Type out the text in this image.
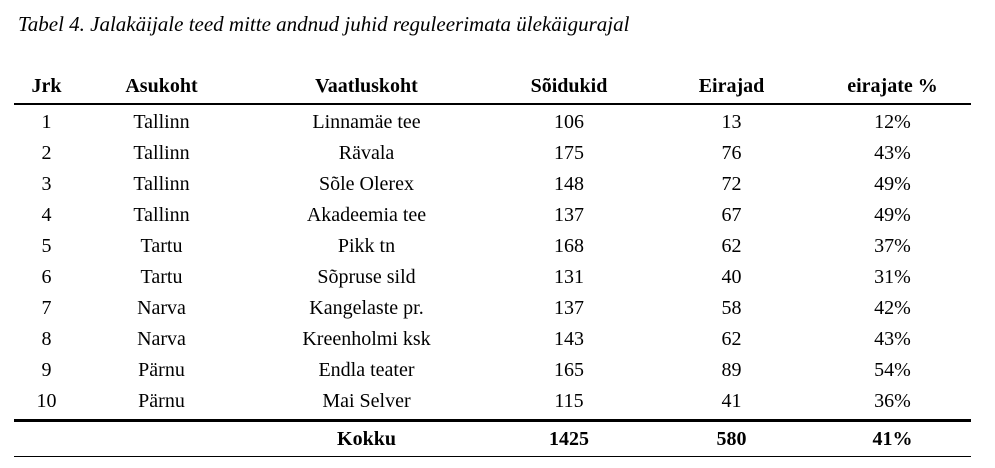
Tabel 4. Jalakäijale teed mitte andnud juhid reguleerimata ülekäigurajal
Jrk	Asukoht	Vaatluskoht	Sõidukid	Eirajad	eirajate %
1	Tallinn	Linnamäe tee	106	13	12%
2	Tallinn	Rävala	175	76	43%
3	Tallinn	Sõle Olerex	148	72	49%
4	Tallinn	Akadeemia tee	137	67	49%
5	Tartu	Pikk tn	168	62	37%
6	Tartu	Sõpruse sild	131	40	31%
7	Narva	Kangelaste pr.	137	58	42%
8	Narva	Kreenholmi ksk	143	62	43%
9	Pärnu	Endla teater	165	89	54%
10	Pärnu	Mai Selver	115	41	36%
		Kokku	1425	580	41%
